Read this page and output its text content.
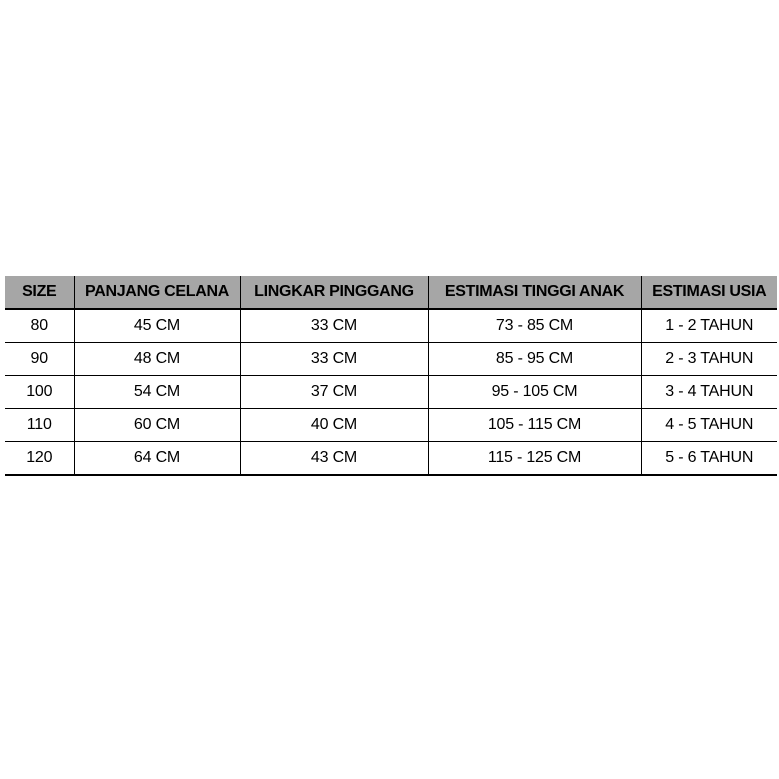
SIZE	PANJANG CELANA	LINGKAR PINGGANG	ESTIMASI TINGGI ANAK	ESTIMASI USIA
80	45 CM	33 CM	73 - 85 CM	1 - 2 TAHUN
90	48 CM	33 CM	85 - 95 CM	2 - 3 TAHUN
100	54 CM	37 CM	95 - 105 CM	3 - 4 TAHUN
110	60 CM	40 CM	105 - 115 CM	4 - 5 TAHUN
120	64 CM	43 CM	115 - 125 CM	5 - 6 TAHUN
